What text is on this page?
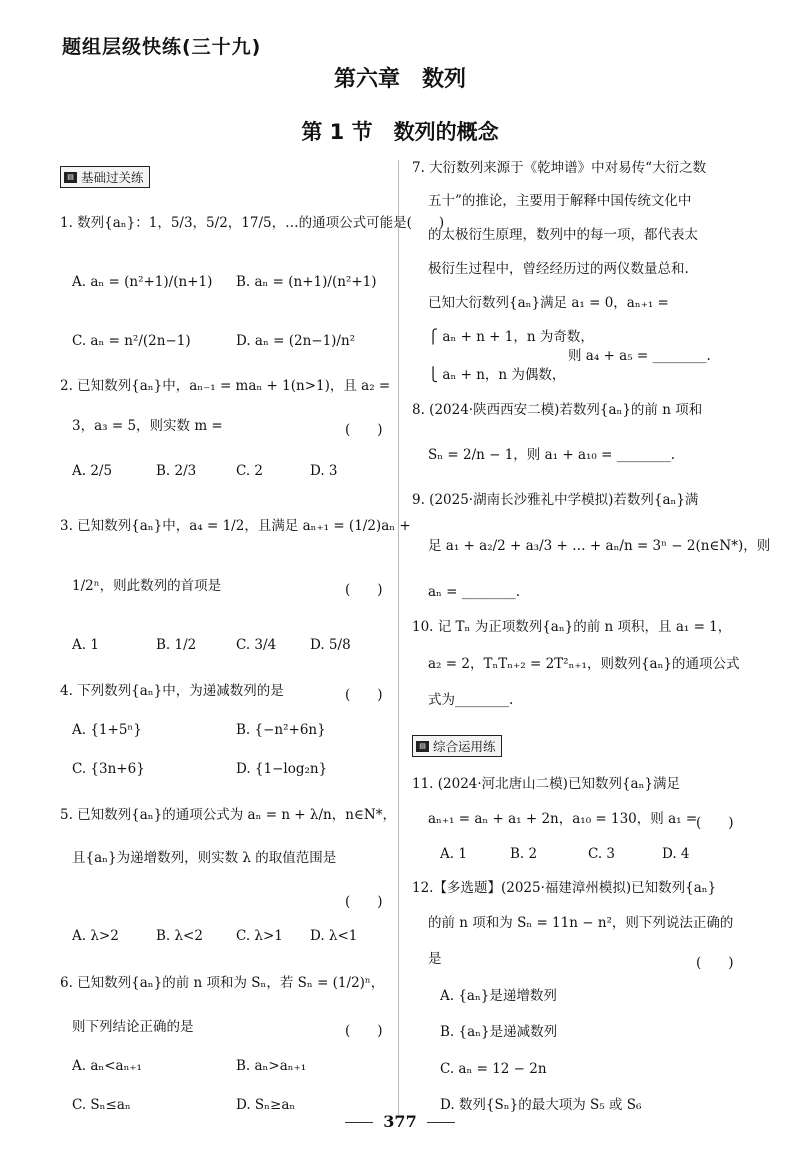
题组层级快练(三十九)
第六章　数列
第 1 节　数列的概念
▤ 基础过关练
▤ 综合运用练
1. 数列{aₙ}：1，5/3，5/2，17/5，…的通项公式可能是(　　)
A. aₙ = (n²+1)/(n+1) B. aₙ = (n+1)/(n²+1)
C. aₙ = n²/(2n−1)	D. aₙ = (2n−1)/n²
2. 已知数列{aₙ}中，aₙ₋₁ = maₙ + 1(n>1)，且 a₂ =
3，a₃ = 5，则实数 m =
A. 2/5	B. 2/3	C. 2	D. 3
3. 已知数列{aₙ}中，a₄ = 1/2，且满足 aₙ₊₁ = (1/2)aₙ +
1/2ⁿ，则此数列的首项是
A. 1	B. 1/2	C. 3/4	D. 5/8
4. 下列数列{aₙ}中，为递减数列的是
A. {1+5ⁿ}	B. {−n²+6n}
C. {3n+6}	D. {1−log₂n}
5. 已知数列{aₙ}的通项公式为 aₙ = n + λ/n，n∈N*，
且{aₙ}为递增数列，则实数 λ 的取值范围是
A. λ>2	B. λ<2 C. λ>1 D. λ<1
6. 已知数列{aₙ}的前 n 项和为 Sₙ，若 Sₙ = (1/2)ⁿ，
则下列结论正确的是
A. aₙ<aₙ₊₁	B. aₙ>aₙ₊₁
C. Sₙ≤aₙ	D. Sₙ≥aₙ
(　　)
(　　)
(　　)
(　　)
(　　)
7. 大衍数列来源于《乾坤谱》中对易传“大衍之数
五十”的推论，主要用于解释中国传统文化中
的太极衍生原理，数列中的每一项，都代表太
极衍生过程中，曾经经历过的两仪数量总和.
已知大衍数列{aₙ}满足 a₁ = 0，aₙ₊₁ =
⎧ aₙ + n + 1，n 为奇数，
⎩ aₙ + n，n 为偶数，
则 a₄ + a₅ = ________.
8. (2024·陕西西安二模)若数列{aₙ}的前 n 项和
Sₙ = 2/n − 1，则 a₁ + a₁₀ = ________.
9. (2025·湖南长沙雅礼中学模拟)若数列{aₙ}满
足 a₁ + a₂/2 + a₃/3 + … + aₙ/n = 3ⁿ − 2(n∈N*)，则
aₙ = ________.
10. 记 Tₙ 为正项数列{aₙ}的前 n 项积，且 a₁ = 1，
a₂ = 2，TₙTₙ₊₂ = 2T²ₙ₊₁，则数列{aₙ}的通项公式
式为________.
11. (2024·河北唐山二模)已知数列{aₙ}满足
aₙ₊₁ = aₙ + a₁ + 2n，a₁₀ = 130，则 a₁ =
A. 1	B. 2	C. 3	D. 4
12.【多选题】(2025·福建漳州模拟)已知数列{aₙ}
的前 n 项和为 Sₙ = 11n − n²，则下列说法正确的
是
A. {aₙ}是递增数列
B. {aₙ}是递减数列
C. aₙ = 12 − 2n
D. 数列{Sₙ}的最大项为 S₅ 或 S₆
(　　)
(　　)
377
